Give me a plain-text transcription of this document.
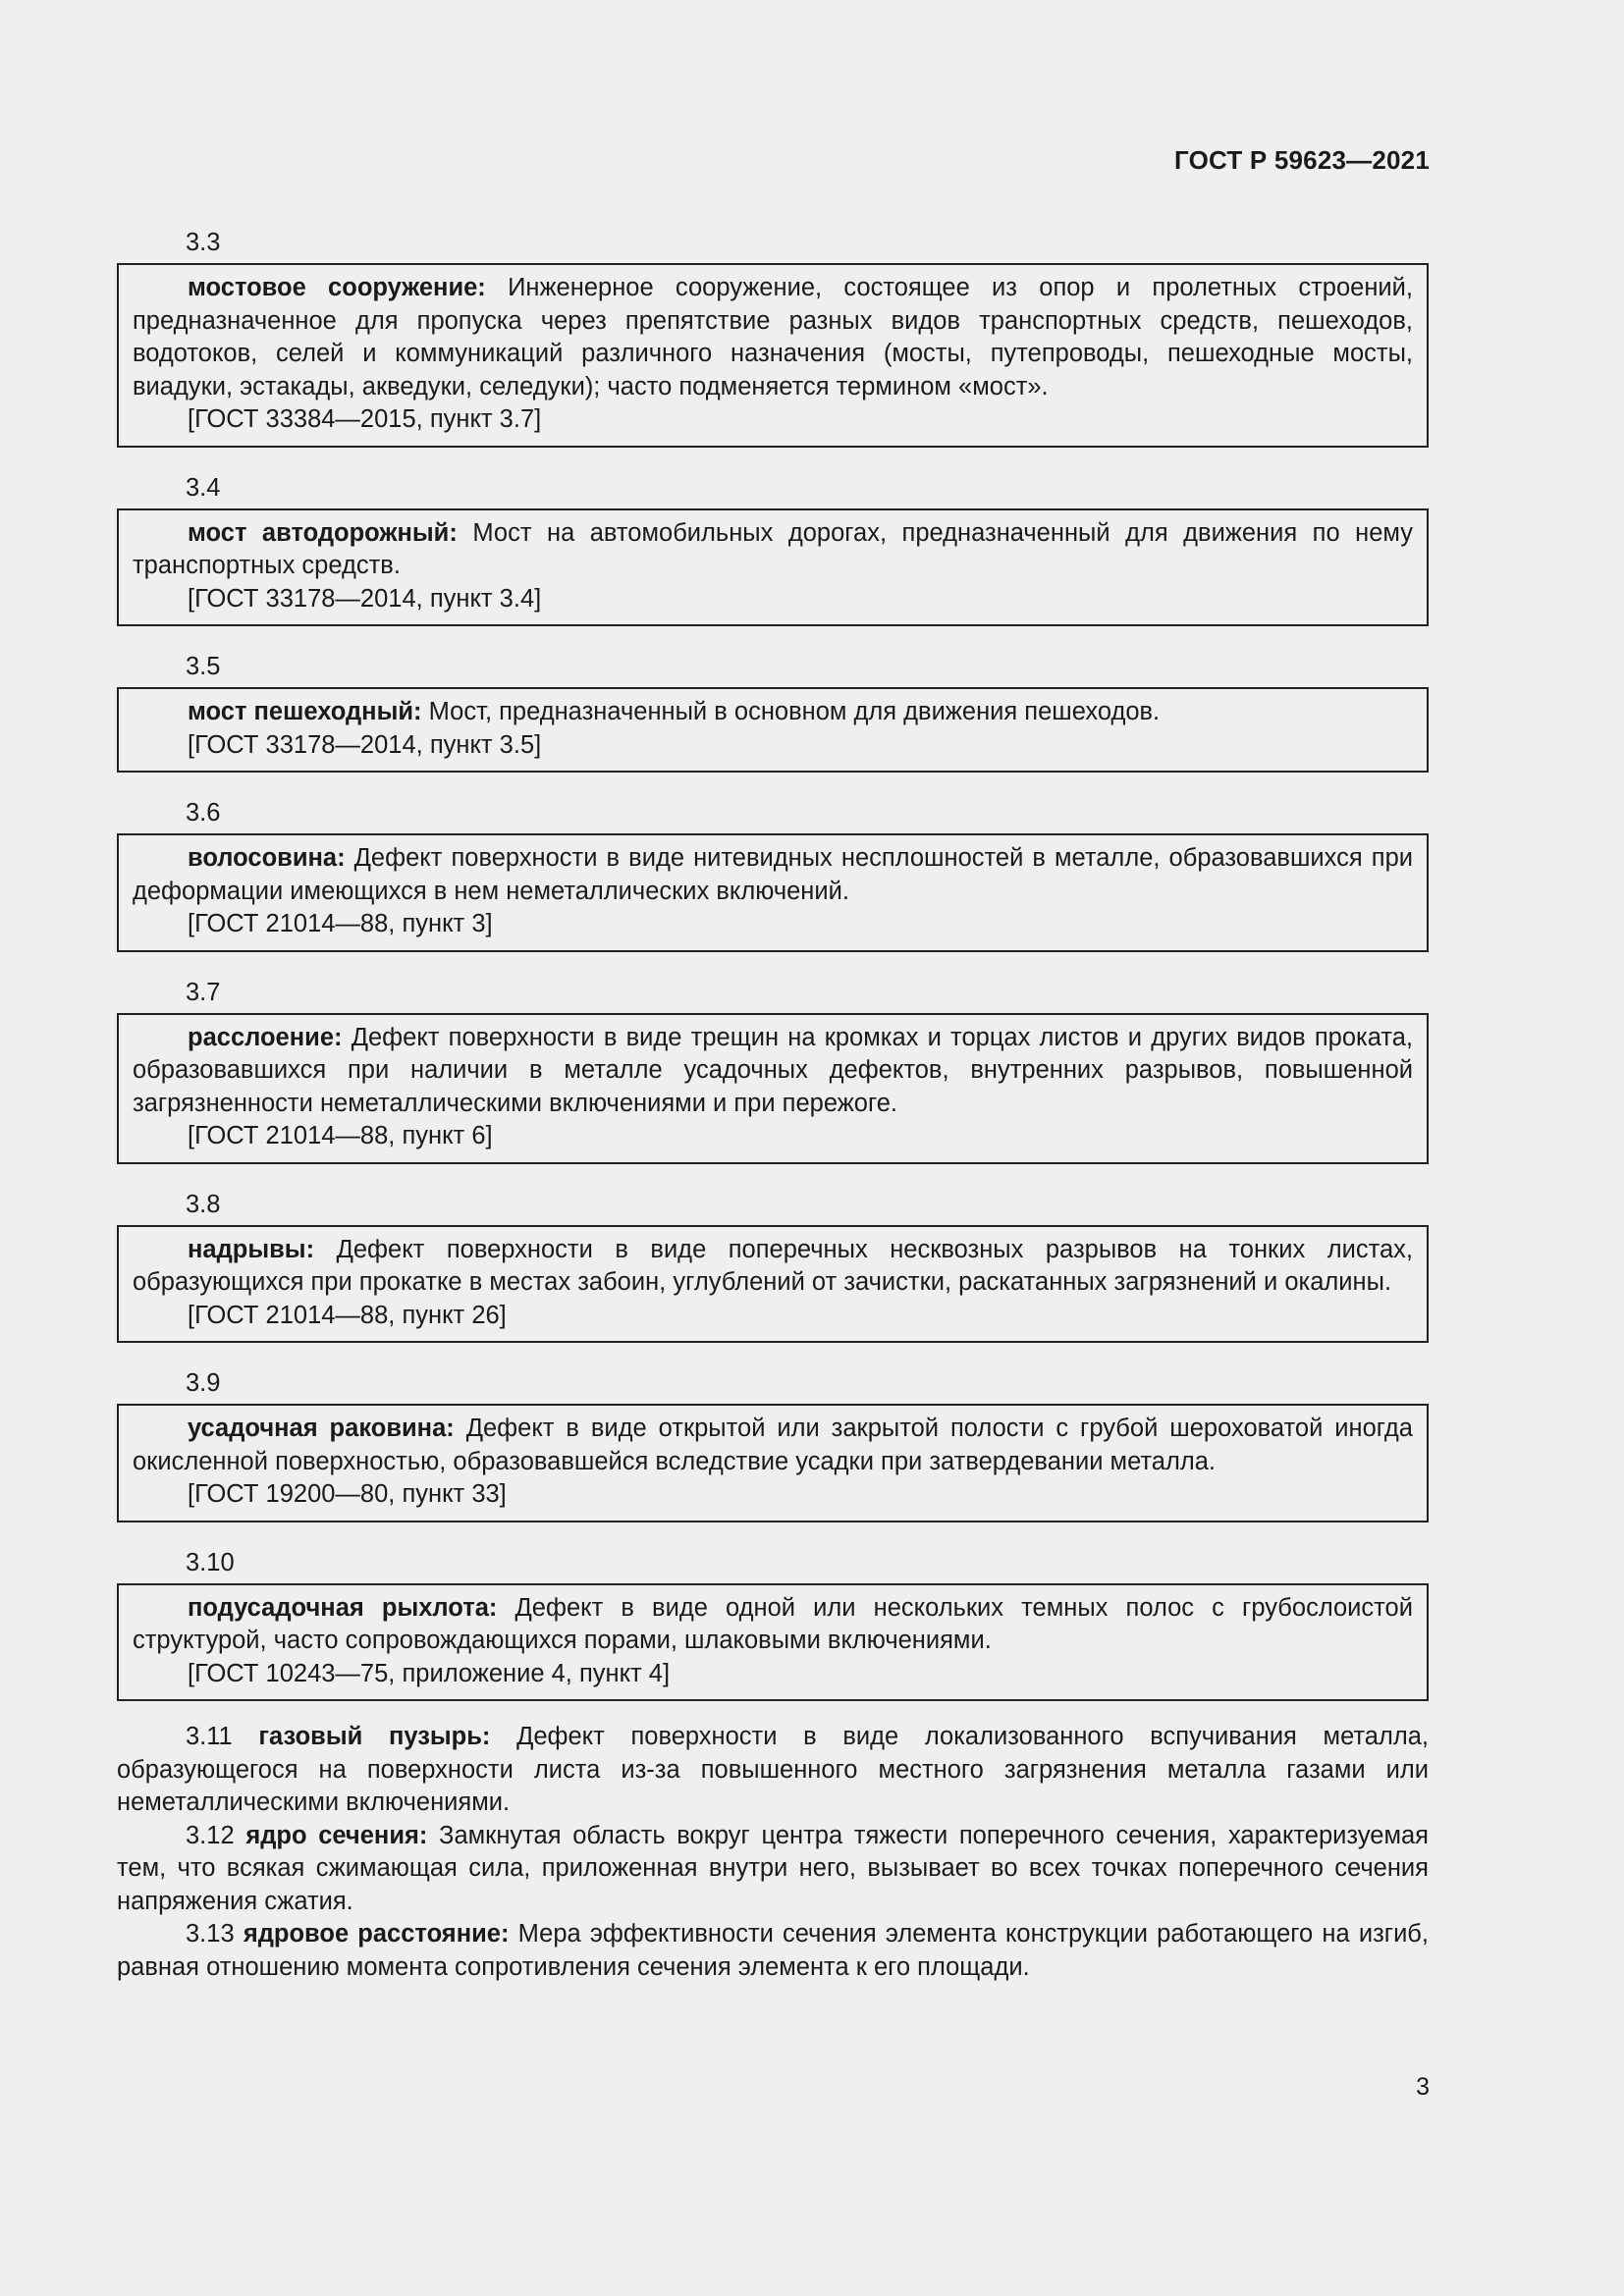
ГОСТ Р 59623—2021
3.3

мостовое сооружение: Инженерное сооружение, состоящее из опор и пролетных строений, предназначенное для пропуска через препятствие разных видов транспортных средств, пешеходов, водотоков, селей и коммуникаций различного назначения (мосты, путепроводы, пешеходные мосты, виадуки, эстакады, акведуки, селедуки); часто подменяется термином «мост».

[ГОСТ 33384—2015, пункт 3.7]

3.4

мост автодорожный: Мост на автомобильных дорогах, предназначенный для движения по нему транспортных средств.

[ГОСТ 33178—2014, пункт 3.4]

3.5

мост пешеходный: Мост, предназначенный в основном для движения пешеходов.

[ГОСТ 33178—2014, пункт 3.5]

3.6

волосовина: Дефект поверхности в виде нитевидных несплошностей в металле, образовавшихся при деформации имеющихся в нем неметаллических включений.

[ГОСТ 21014—88, пункт 3]

3.7

расслоение: Дефект поверхности в виде трещин на кромках и торцах листов и других видов проката, образовавшихся при наличии в металле усадочных дефектов, внутренних разрывов, повышенной загрязненности неметаллическими включениями и при пережоге.

[ГОСТ 21014—88, пункт 6]

3.8

надрывы: Дефект поверхности в виде поперечных несквозных разрывов на тонких листах, образующихся при прокатке в местах забоин, углублений от зачистки, раскатанных загрязнений и окалины.

[ГОСТ 21014—88, пункт 26]

3.9

усадочная раковина: Дефект в виде открытой или закрытой полости с грубой шероховатой иногда окисленной поверхностью, образовавшейся вследствие усадки при затвердевании металла.

[ГОСТ 19200—80, пункт 33]

3.10

подусадочная рыхлота: Дефект в виде одной или нескольких темных полос с грубослоистой структурой, часто сопровождающихся порами, шлаковыми включениями.

[ГОСТ 10243—75, приложение 4, пункт 4]

3.11 газовый пузырь: Дефект поверхности в виде локализованного вспучивания металла, образующегося на поверхности листа из-за повышенного местного загрязнения металла газами или неметаллическими включениями.

3.12 ядро сечения: Замкнутая область вокруг центра тяжести поперечного сечения, характеризуемая тем, что всякая сжимающая сила, приложенная внутри него, вызывает во всех точках поперечного сечения напряжения сжатия.

3.13 ядровое расстояние: Мера эффективности сечения элемента конструкции работающего на изгиб, равная отношению момента сопротивления сечения элемента к его площади.

3
